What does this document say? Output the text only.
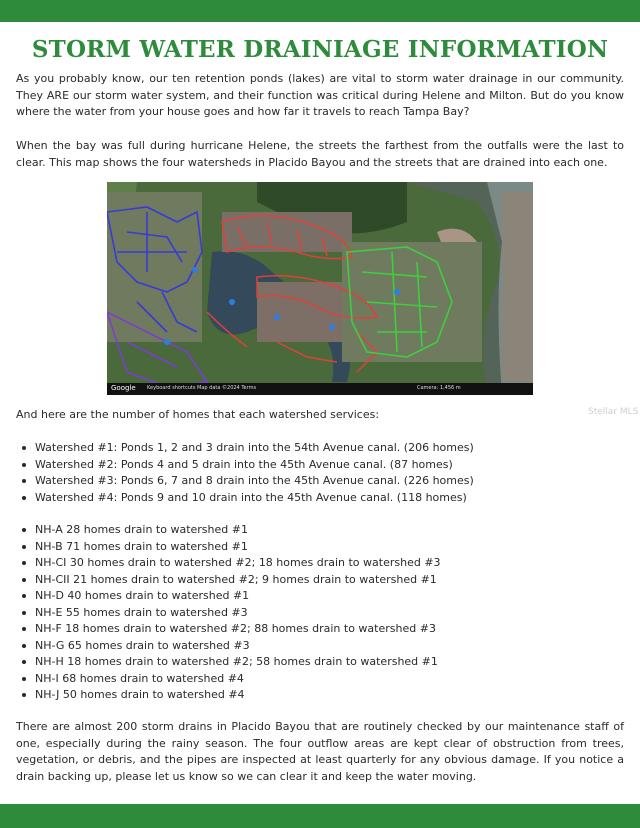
STORM WATER DRAINIAGE INFORMATION

As you probably know, our ten retention ponds (lakes) are vital to storm water drainage in our community. They ARE our storm water system, and their function was critical during Helene and Milton. But do you know where the water from your house goes and how far it travels to reach Tampa Bay?

When the bay was full during hurricane Helene, the streets the farthest from the outfalls were the last to clear. This map shows the four watersheds in Placido Bayou and the streets that are drained into each one.

Google Keyboard shortcuts Map data ©2024 Terms	Camera: 1,456 m

And here are the number of homes that each watershed services:	Stellar MLS
Watershed #1: Ponds 1, 2 and 3 drain into the 54th Avenue canal. (206 homes)
Watershed #2: Ponds 4 and 5 drain into the 45th Avenue canal. (87 homes)
Watershed #3: Ponds 6, 7 and 8 drain into the 45th Avenue canal. (226 homes)
Watershed #4: Ponds 9 and 10 drain into the 45th Avenue canal. (118 homes)
NH-A 28 homes drain to watershed #1
NH-B 71 homes drain to watershed #1
NH-CI 30 homes drain to watershed #2; 18 homes drain to watershed #3
NH-CII 21 homes drain to watershed #2; 9 homes drain to watershed #1
NH-D 40 homes drain to watershed #1
NH-E 55 homes drain to watershed #3
NH-F 18 homes drain to watershed #2; 88 homes drain to watershed #3
NH-G 65 homes drain to watershed #3
NH-H 18 homes drain to watershed #2; 58 homes drain to watershed #1
NH-I 68 homes drain to watershed #4
NH-J 50 homes drain to watershed #4

There are almost 200 storm drains in Placido Bayou that are routinely checked by our maintenance staff of one, especially during the rainy season. The four outflow areas are kept clear of obstruction from trees, vegetation, or debris, and the pipes are inspected at least quarterly for any obvious damage. If you notice a drain backing up, please let us know so we can clear it and keep the water moving.
